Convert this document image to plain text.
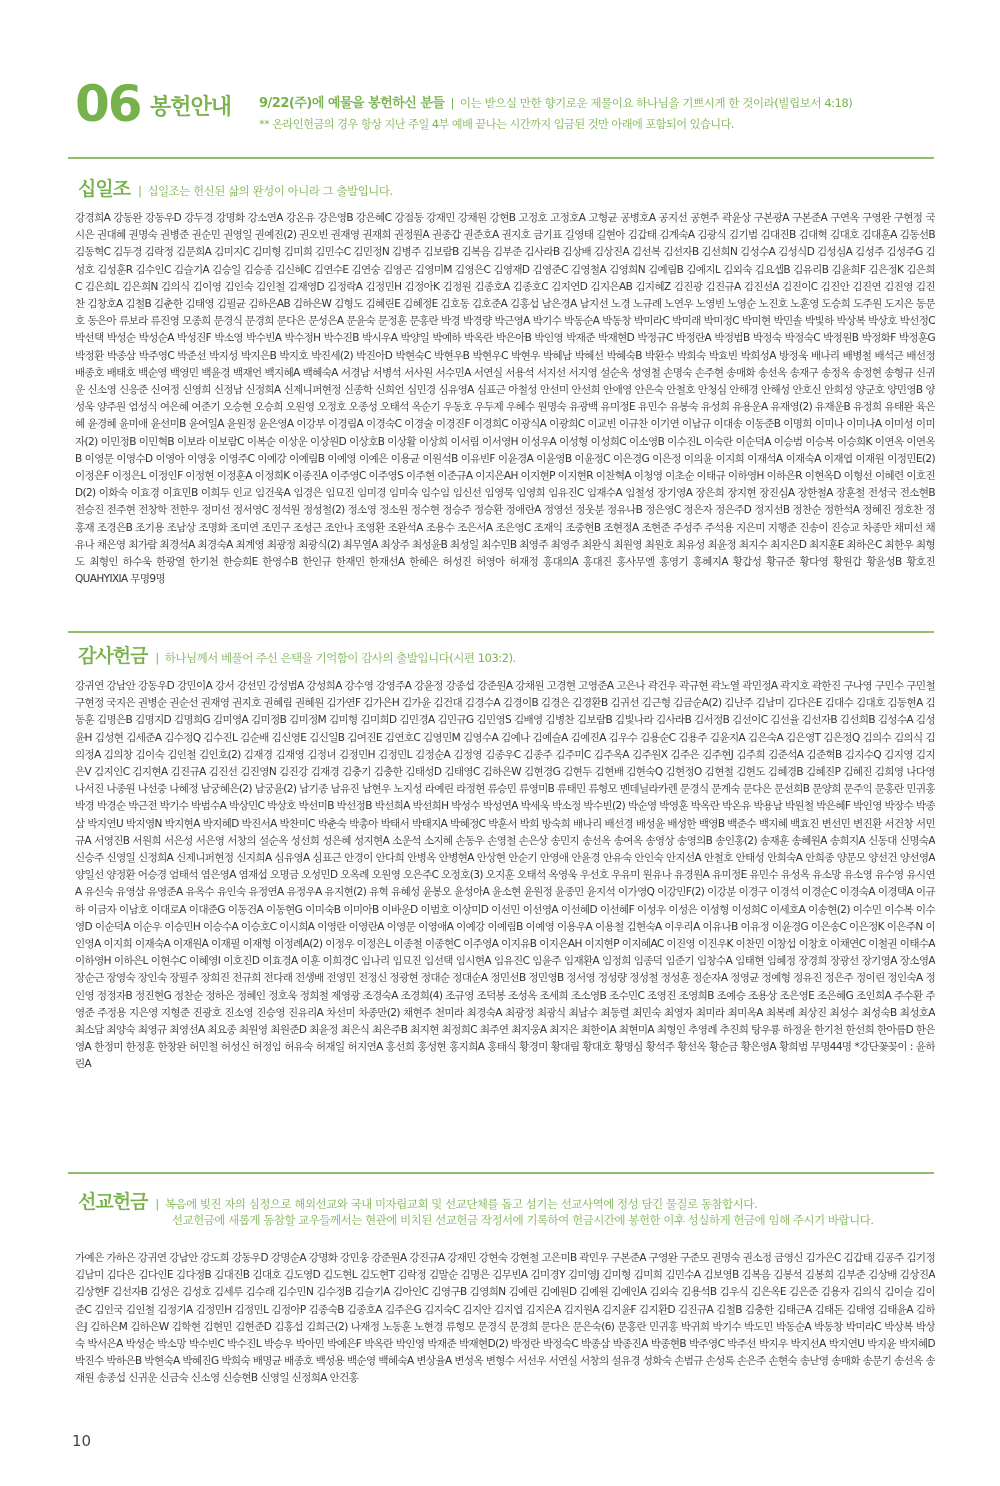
06 봉헌안내 9/22(주)에 예물을 봉헌하신 분들 | 이는 받으실 만한 향기로운 제물이요 하나님을 기쁘시게 한 것이라(빌립보서 4:18)
** 온라인헌금의 경우 항상 지난 주일 4부 예배 끝나는 시간까지 입금된 것만 아래에 포함되어 있습니다.
십일조 | 십일조는 헌신된 삶의 완성이 아니라 그 출발입니다.
강경희A 강동완 강동우D 강두경 강명화 강소연A 강온유 강은영B 강은혜C 강점동 강재민 강채원 강현B 고정호 고정호A 고형균 공병호A 공지선 공현주 곽윤상 구본광A 구본준A 구연옥 구영완 구현정 국시은 권대혜 권명숙 권병준 권순민 권영일 권예진(2) 권오빈 권재영 권재희 권정원A 권종갑 권준호A 권지호 금기표 길영태 길현아 김갑태 김계숙A 김광식 김기범 김대진B 김대혁 김대호 김대훈A 김동선B 김동혁C 김두경 김락정 김문희A 김미지C 김미형 김미희 김민수C 김민정N 김병주 김보람B 김복음 김부준 김사라B 김상배 김상진A 김선복 김선자B 김선희N 김성수A 김성식D 김성심A 김성주 김성주G 김성호 김성훈R 김수인C 김슬기A 김승일 김승종 김신혜C 김연수E 김연숭 김영곤 김영미M 김영은C 김영재D 김영준C 김영철A 김영희N 김예림B 김예지L 김외숙 김요셉B 김유리B 김윤희F 김은정K 김은희C 김은희L 김은희N 김의식 김이영 김인숙 김인철 김재영D 김정락A 김정민H 김정아K 김정원 김종호A 김종호C 김지연D 김지은AB 김지혜Z 김진광 김진규A 김진선A 김진이C 김진안 김진연 김진영 김진찬 김창호A 김철B 김춘한 김태영 김필균 김하은AB 김하은W 김형도 김혜린E 김혜정E 김호동 김호준A 김홍섭 남은경A 남지선 노경 노규례 노연우 노영빈 노영순 노진호 노훈영 도승희 도주원 도지은 동문호 동은아 류보라 류진영 모종희 문경식 문경희 문다은 문성은A 문윤숙 문정훈 문홍란 박경 박경량 박근영A 박기수 박동순A 박동창 박미라C 박미래 박미정C 박미현 박민솔 박빛하 박상복 박상호 박선정C 박선택 박성순 박성순A 박성진F 박소영 박수빈A 박수정H 박수진B 박시우A 박양일 박예하 박옥란 박은아B 박인영 박재준 박재현D 박정규C 박정란A 박정범B 박정숙 박정숙C 박정원B 박정화F 박정훈G 박정환 박종삼 박주영C 박준선 박지성 박지은B 박지호 박진세(2) 박진아D 박현숙C 박현우B 박현우C 박현우 박혜남 박혜선 박혜숙B 박환수 박희숙 박효빈 박희성A 방정욱 배나리 배병철 배석근 배선정 배종호 배태호 백순영 백영민 백윤경 백재언 백지혜A 백혜숙A 서경남 서병석 서사원 서수민A 서연실 서용석 서지선 서지영 설순옥 성영철 손명숙 손주현 송매화 송선옥 송재구 송정옥 송정현 송형규 신귀운 신소영 신응준 신여정 신영희 신정남 신정희A 신제니퍼현정 신종학 신희언 심민경 심유영A 심표근 아철성 안선미 안선희 안애영 안은숙 안철호 안청심 안해경 안해성 안호신 안희성 양군호 양민영B 양성욱 양주원 엄성식 여은혜 여준기 오승현 오승희 오원영 오정호 오종성 오태석 옥순기 우동호 우두제 우혜수 원명숙 유광백 유미정E 유민수 유봉숙 유성희 유용운A 유재영(2) 유재운B 유정희 유태완 육은혜 윤경혜 윤미애 윤선미B 윤여일A 윤원정 윤은영A 이강부 이경림A 이경숙C 이경술 이경진F 이경희C 이광식A 이광희C 이교빈 이규찬 이기연 이남규 이대송 이동준B 이명희 이미나 이미나A 이미성 이미자(2) 이민정B 이민혁B 이보라 이보람C 이복순 이상운 이상원D 이상호B 이상활 이상희 이서림 이서영H 이성우A 이성형 이성희C 이소영B 이수진L 이숙란 이순덕A 이승범 이승복 이승희K 이연옥 이연옥B 이영문 이영수D 이영아 이영웅 이영주C 이예강 이예림B 이예영 이예은 이용균 이원석B 이유빈F 이윤경A 이윤영B 이윤정C 이은경G 이은정 이의윤 이지희 이재석A 이재숙A 이재엽 이재원 이정민E(2) 이정은F 이정은L 이정인F 이정현 이정훈A 이정희K 이종진A 이주영C 이주영S 이주현 이준규A 이지은AH 이지현P 이지현R 이찬혁A 이청영 이초순 이태규 이하영H 이하은R 이현옥D 이형선 이혜련 이호진D(2) 이화숙 이효경 이효민B 이희두 인교 임건욱A 임경은 임묘진 임미경 임미숙 임수임 임신선 임영묵 임영희 임유진C 임재수A 임철성 장기영A 장은희 장지현 장진심A 장한철A 장훈철 전성국 전소현B 전승진 전주현 전창학 전한우 정미선 정서영C 정석원 정성철(2) 정소영 정소원 정수현 정승주 정승환 정애란A 정영선 정웃분 정유나B 정은영C 정은자 정은주D 정지선B 정찬순 정한석A 정혜진 정호찬 정홍재 조경은B 조기용 조남상 조명화 조미연 조민구 조성근 조안나 조영환 조완석A 조용수 조은서A 조은영C 조재익 조중현B 조현정A 조현준 주성주 주석용 지은미 지행준 진송이 진승교 차종만 채미선 채유나 채은영 최가람 최경석A 최경숙A 최계영 최광정 최광식(2) 최무열A 최상주 최성윤B 최성일 최수민B 최영주 최영주 최완식 최원영 최원호 최유성 최윤정 최지수 최지은D 최지훈E 최하은C 최한우 최형도 최형인 하수욱 한광열 한기천 한승희E 한영수B 한인규 한재민 한재선A 한혜은 허성진 허영아 허재정 홍대의A 홍대진 홍사무엘 홍영기 홍혜지A 황갑성 황규준 황다영 황원갑 황윤성B 황호진 QUAHYIXIA 무명9명
감사헌금 | 하나님께서 베풀어 주신 은택을 기억함이 감사의 출발입니다(시편 103:2).
강귀연 강남안 강동우D 강민이A 강서 강선민 강성범A 강성희A 강수영 강영주A 강윤정 강종섭 강준원A 강채원 고경현 고영준A 고은나 곽건우 곽규현 곽노열 곽민정A 곽지호 곽한진 구나영 구민수 구민철 구현정 국지은 권병순 권순선 권재영 권지호 권혜림 권혜원 김가연F 김가은H 김가윤 김건대 김경수A 김경이B 김경은 김경환B 김귀선 김근형 김금순A(2) 김난주 김남미 김다은E 김대수 김대호 김동현A 김동훈 김명은B 김명지D 김명희G 김미영A 김미정B 김미정M 김미형 김미희D 김민경A 김민규G 김민영S 김배영 김병찬 김보람B 김빛나라 김사라B 김서정B 김선이C 김선율 김선자B 김선희B 김성수A 김성윤H 김성현 김세준A 김수정Q 김수진L 김순배 김신영E 김신일B 김여진E 김연호C 김영민M 김영수A 김예나 김예슬A 김예진A 김우수 김용순C 김용주 김윤지A 김은숙A 김은영T 김은정Q 김의수 김의식 김의정A 김의창 김이숙 김인철 김인호(2) 김재경 김재영 김정녀 김정민H 김정민L 김정순A 김정영 김종우C 김종주 김주미C 김주옥A 김주원X 김주은 김주현J 김주희 김준석A 김준혁B 김지수Q 김지영 김지은V 김지인C 김지현A 김진규A 김진선 김진영N 김진강 김재경 김충기 김충한 김태성D 김태영C 김하은W 김현경G 김현두 김현배 김현숙Q 김현정O 김현철 김현도 김혜경B 김혜진P 김혜진 김희영 나다영 나서진 나종원 나선중 나혜정 남궁혜은(2) 남궁윤(2) 남기종 남유진 남현우 노지성 라예린 라정현 류승민 류영미B 류태민 류형모 멘데닐라카렌 문경식 문계숙 문다은 문선희B 문양희 문주익 문홍란 민귀홍 박경 박경순 박근전 박기수 박범수A 박상민C 박상호 박선미B 박선정B 박선희A 박선희H 박성수 박성연A 박세욱 박소정 박수빈(2) 박순영 박영훈 박옥란 박온유 박용남 박원철 박은혜F 박인영 박장수 박종삼 박지연U 박지영N 박지현A 박지혜D 박진서A 박찬미C 박춘숙 박총아 박태서 박태지A 박혜정C 박훈서 박희 방숙희 배나리 배선경 배성윤 배성한 백영B 백준수 백지혜 백효진 변선민 변진환 서건창 서민규A 서영진B 서원희 서은성 서은영 서창의 설순옥 성선희 성은혜 성지현A 소운석 소지혜 손동우 손영철 손은상 송민지 송선옥 송여옥 송영상 송영의B 송인홍(2) 송재훈 송혜원A 송희지A 신동대 신명숙A 신승주 신영일 신정희A 신제니퍼현정 신지희A 심유영A 심표근 안경이 안다희 안병옥 안병현A 안상현 안순기 안영애 안윤경 안유숙 안인숙 안지선A 안철호 안태성 안희숙A 안희종 양문모 양선건 양선영A 양일선 양정환 어승경 엄태석 염은영A 염재섭 오명금 오성민D 오옥례 오원영 오은주C 오정호(3) 오지훈 오태석 옥영욱 우선호 우유미 원유나 유경원A 유미정E 유민수 유성옥 유소망 유소영 유수영 유시연A 유신숙 유영삼 유영준A 유옥수 유인숙 유정연A 유정우A 유지현(2) 유혁 유혜성 윤봉오 윤성아A 윤소현 윤원정 윤종민 윤지석 이가영Q 이강민F(2) 이강분 이경구 이경석 이경순C 이경숙A 이경택A 이규하 이금자 이남호 이대로A 이대준G 이동건A 이동현G 이미숙B 이미아B 이바운D 이범호 이상미D 이선민 이선영A 이선혜D 이선혜F 이성우 이성은 이성형 이성희C 이세호A 이송현(2) 이수민 이수복 이수영D 이순덕A 이순우 이승민H 이승수A 이승호C 이시희A 이영란 이영란A 이영문 이영애A 이예강 이예림B 이예영 이용우A 이용철 김현숙A 이우리A 이유나B 이유정 이윤경G 이은송C 이은정K 이은주N 이인영A 이지희 이재숙A 이재원A 이재필 이재형 이정례A(2) 이정우 이정은L 이종철 이종현C 이주영A 이지유B 이지은AH 이지현P 이지혜AC 이진영 이진우K 이찬민 이창섭 이창호 이채연C 이철권 이태수A 이하영H 이하은L 이현수C 이혜영I 이호진D 이효경A 이훈 이희경C 임나리 임묘진 임선택 임시현A 임유진C 임윤주 임재환A 임정희 임종덕 임준기 임창수A 임태현 임혜정 장경희 장광선 장기영A 장소영A 장순근 장영숙 장인숙 장필주 장희진 전규희 전다래 전생배 전영민 전정신 정광현 정대순 정대순A 정민선B 정민영B 정서영 정성량 정성철 정성훈 정순자A 정영균 정예형 정유진 정은주 정이린 정인숙A 정인영 정정자B 정진현G 정찬순 정하은 정혜인 정호욱 정희철 제영광 조경숙A 조경희(4) 조규영 조덕봉 조성옥 조세희 조소영B 조수민C 조영진 조영희B 조예승 조용상 조은영E 조은혜G 조인희A 주수환 주영준 주정용 지은영 지형준 진광호 진소영 진승영 진유리A 차선미 차종만(2) 채현주 천미라 최경숙A 최광정 최광식 최남수 최동렬 최민숙 최영자 최미라 최미옥A 최복례 최상진 최성수 최성숙B 최성호A 최소담 최양숙 최영규 최영선A 최요종 최원영 최원준D 최윤정 최은식 최은주B 최지현 최정희C 최주연 최지웅A 최지은 최한이A 최현미A 최형인 추영례 추진희 탕우룡 하정윤 한기천 한선희 한아름D 한은영A 한정미 한정훈 한창완 허민철 허성신 허정임 허유숙 허재일 허지연A 홍선희 홍성현 홍지희A 홍태식 황경미 황대림 황대호 황명심 황석주 황선옥 황순금 황은영A 황희범 무명44명 *강단꽃꽂이 : 윤하린A
선교헌금 | 복음에 빚진 자의 심정으로 해외선교와 국내 미자립교회 및 선교단체를 돕고 섬기는 선교사역에 정성 담긴 물질로 동참합시다.
선교헌금에 새롭게 동참할 교우들께서는 현관에 비치된 선교헌금 작정서에 기록하여 헌금시간에 봉헌한 이후 성실하게 헌금에 임해 주시기 바랍니다.
가예은 가하은 강귀연 강남안 강도희 강동우D 강명순A 강명화 강민웅 강준원A 강진규A 강재민 강현숙 강현철 고은미B 곽민우 구본준A 구영완 구준모 권명숙 권소정 금영신 김가은C 김갑태 김공주 김기정 김남미 김다은 김다인E 김다정B 김대진B 김대호 김도영D 김도현L 김도현T 김락정 김말순 김명은 김무빈A 김미경Y 김미영J 김미형 김미희 김민수A 김보영B 김복음 김봉석 김봉희 김부준 김상배 김상진A 김상현F 김선자B 김성은 김성호 김세루 김수래 김수민N 김수정B 김슬기A 김아인C 김영구B 김영희N 김예린 김예원D 김예원 김예인A 김외숙 김용석B 김우식 김은옥E 김은준 김용자 김의식 김이슬 김이준C 김인국 김인철 김정기A 김정민H 김정민L 김정아P 김종숙B 김종호A 김주은G 김지숙C 김지안 김지엽 김지은A 김지원A 김지윤F 김지환D 김진규A 김철B 김충한 김태근A 김태돈 김태영 김태윤A 김하은J 김하은M 김하은W 김학현 김현민 김현준D 김홍섭 김희근(2) 나재정 노동훈 노현경 류형모 문경식 문경희 문다은 문은숙(6) 문홍란 민귀홍 박귀희 박기수 박도민 박동순A 박동창 박미라C 박상복 박상숙 박서은A 박성순 박소망 박수빈C 박수진L 박승우 박아민 박예은F 박옥란 박인영 박재준 박재현D(2) 박정란 박정숙C 박종삼 박종진A 박종현B 박주영C 박주선 박지우 박지선A 박지연U 박지윤 박지혜D 박진수 박하은B 박현숙A 박혜진G 박희숙 배명균 배종호 백성용 백순영 백혜숙A 변상율A 변성옥 변형수 서선우 서연실 서창의 설유경 성화숙 손범규 손성록 손은주 손현숙 송난영 송매화 송문기 송선옥 송재원 송종섭 신귀운 신금숙 신소영 신승현B 신영일 신정희A 안건홍
10
